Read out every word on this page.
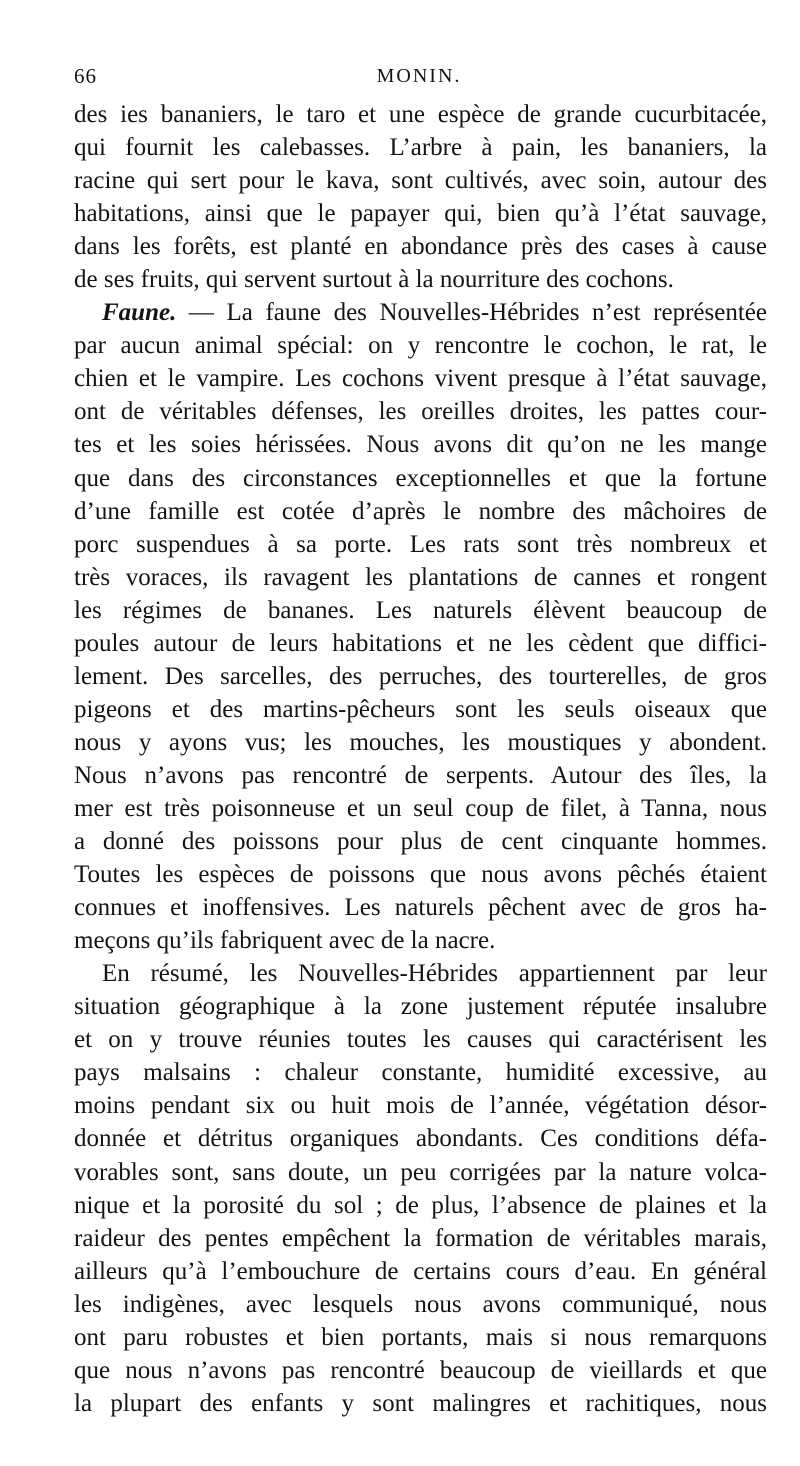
66	MONIN.
des ies bananiers, le taro et une espèce de grande cucurbitacée,
qui fournit les calebasses. L’arbre à pain, les bananiers, la
racine qui sert pour le kava, sont cultivés, avec soin, autour des
habitations, ainsi que le papayer qui, bien qu’à l’état sauvage,
dans les forêts, est planté en abondance près des cases à cause
de ses fruits, qui servent surtout à la nourriture des cochons.
Faune. — La faune des Nouvelles-Hébrides n’est représentée
par aucun animal spécial: on y rencontre le cochon, le rat, le
chien et le vampire. Les cochons vivent presque à l’état sauvage,
ont de véritables défenses, les oreilles droites, les pattes cour-
tes et les soies hérissées. Nous avons dit qu’on ne les mange
que dans des circonstances exceptionnelles et que la fortune
d’une famille est cotée d’après le nombre des mâchoires de
porc suspendues à sa porte. Les rats sont très nombreux et
très voraces, ils ravagent les plantations de cannes et rongent
les régimes de bananes. Les naturels élèvent beaucoup de
poules autour de leurs habitations et ne les cèdent que diffici-
lement. Des sarcelles, des perruches, des tourterelles, de gros
pigeons et des martins-pêcheurs sont les seuls oiseaux que
nous y ayons vus; les mouches, les moustiques y abondent.
Nous n’avons pas rencontré de serpents. Autour des îles, la
mer est très poisonneuse et un seul coup de filet, à Tanna, nous
a donné des poissons pour plus de cent cinquante hommes.
Toutes les espèces de poissons que nous avons pêchés étaient
connues et inoffensives. Les naturels pêchent avec de gros ha-
meçons qu’ils fabriquent avec de la nacre.
En résumé, les Nouvelles-Hébrides appartiennent par leur
situation géographique à la zone justement réputée insalubre
et on y trouve réunies toutes les causes qui caractérisent les
pays malsains : chaleur constante, humidité excessive, au
moins pendant six ou huit mois de l’année, végétation désor-
donnée et détritus organiques abondants. Ces conditions défa-
vorables sont, sans doute, un peu corrigées par la nature volca-
nique et la porosité du sol ; de plus, l’absence de plaines et la
raideur des pentes empêchent la formation de véritables marais,
ailleurs qu’à l’embouchure de certains cours d’eau. En général
les indigènes, avec lesquels nous avons communiqué, nous
ont paru robustes et bien portants, mais si nous remarquons
que nous n’avons pas rencontré beaucoup de vieillards et que
la plupart des enfants y sont malingres et rachitiques, nous
